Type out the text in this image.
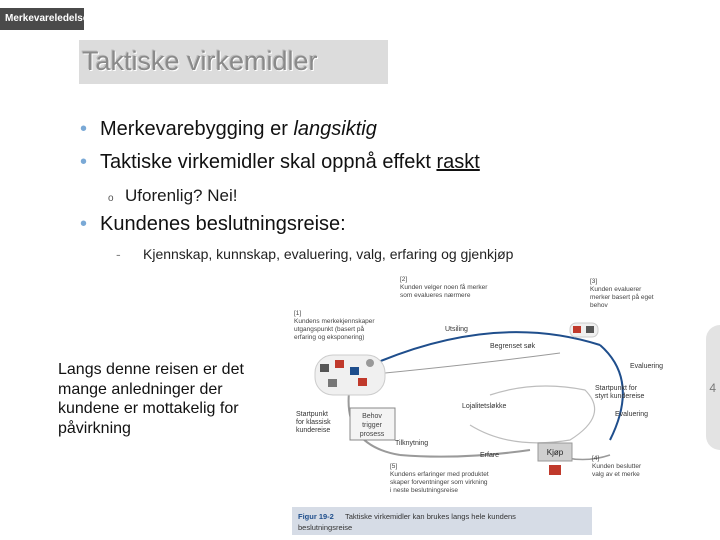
Merkevareledelse
Taktiske virkemidler
• Merkevarebygging er langsiktig
• Taktiske virkemidler skal oppnå effekt raskt
o Uforenlig? Nei!
• Kundenes beslutningsreise:
- Kjennskap, kunnskap, evaluering, valg, erfaring og gjenkjøp
Langs denne reisen er det mange anledninger der kundene er mottakelig for påvirkning
4
Behov
trigger
prosess
Kjøp
[1]
Kundens merkekjennskaper
utgangspunkt (basert på
erfaring og eksponering)
[2]
Kunden velger noen få merker
som evalueres nærmere
[3]
Kunden evaluerer
merker basert på eget
behov
[4]
Kunden beslutter
valg av et merke
[5]
Kundens erfaringer med produktet
skaper forventninger som virkning
i neste beslutningsreise
Utsiling
Begrenset søk
Evaluering
Startpunkt for
styrt kundereise
Evaluering
Lojalitetsløkke
Startpunkt
for klassisk
kundereise
Tilknytning
Erfare
Figur 19-2 Taktiske virkemidler kan brukes langs hele kundens
beslutningsreise
